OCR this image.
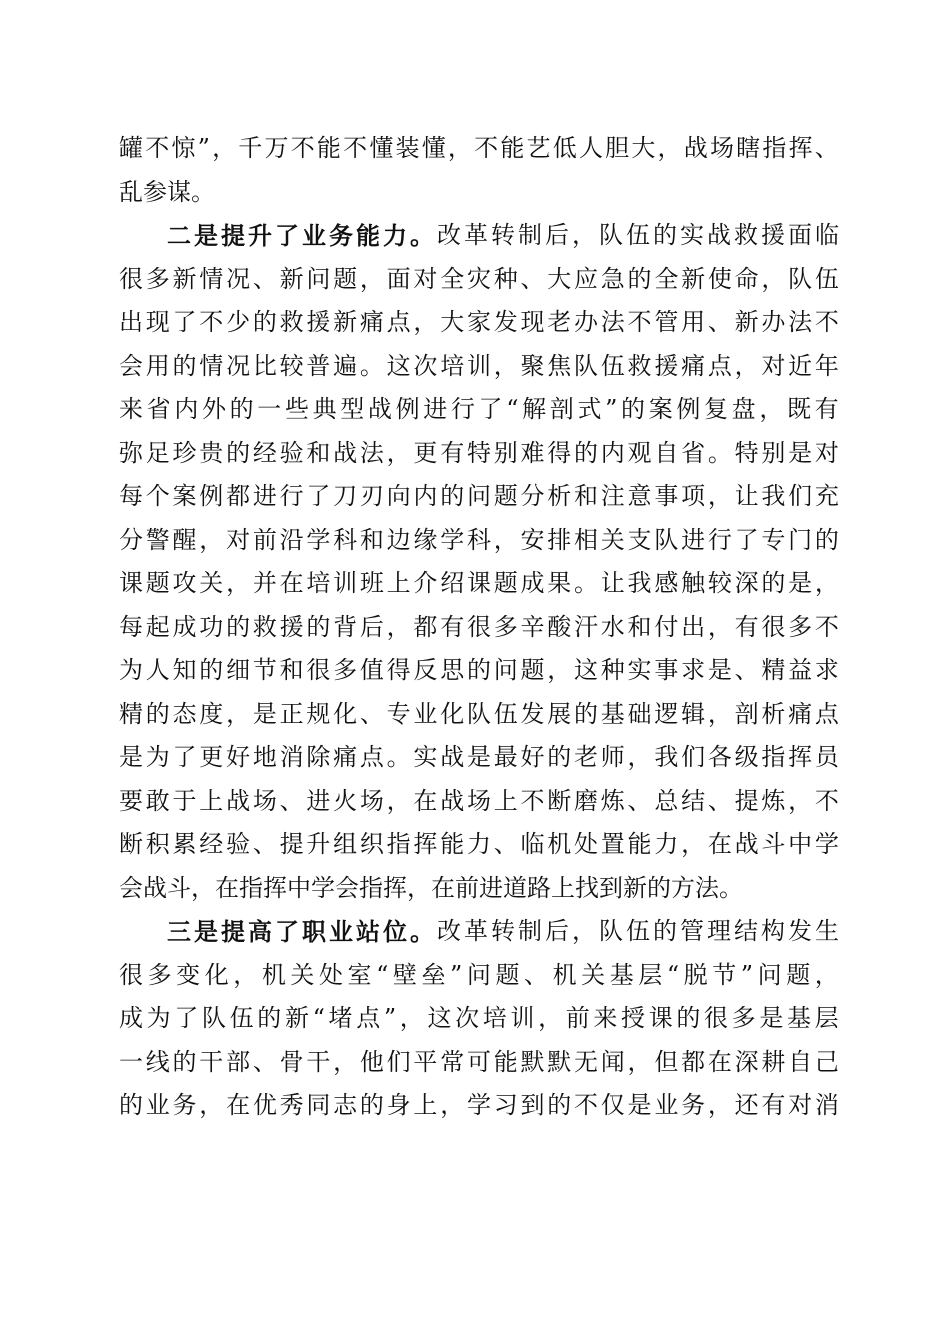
罐 不 惊 ” ， 千 万 不 能 不 懂 装 懂 ， 不 能 艺 低 人 胆 大 ， 战 场 瞎 指 挥 、
乱 参 谋 。
二 是 提 升 了 业 务 能 力 。 改 革 转 制 后 ， 队 伍 的 实 战 救 援 面 临
很 多 新 情 况 、 新 问 题 ， 面 对 全 灾 种 、 大 应 急 的 全 新 使 命 ， 队 伍
出 现 了 不 少 的 救 援 新 痛 点 ， 大 家 发 现 老 办 法 不 管 用 、 新 办 法 不
会 用 的 情 况 比 较 普 遍 。 这 次 培 训 ， 聚 焦 队 伍 救 援 痛 点 ， 对 近 年
来 省 内 外 的 一 些 典 型 战 例 进 行 了 “ 解 剖 式 ” 的 案 例 复 盘 ， 既 有
弥 足 珍 贵 的 经 验 和 战 法 ， 更 有 特 别 难 得 的 内 观 自 省 。 特 别 是 对
每 个 案 例 都 进 行 了 刀 刃 向 内 的 问 题 分 析 和 注 意 事 项 ， 让 我 们 充
分 警 醒 ， 对 前 沿 学 科 和 边 缘 学 科 ， 安 排 相 关 支 队 进 行 了 专 门 的
课 题 攻 关 ， 并 在 培 训 班 上 介 绍 课 题 成 果 。 让 我 感 触 较 深 的 是 ，
每 起 成 功 的 救 援 的 背 后 ， 都 有 很 多 辛 酸 汗 水 和 付 出 ， 有 很 多 不
为 人 知 的 细 节 和 很 多 值 得 反 思 的 问 题 ， 这 种 实 事 求 是 、 精 益 求
精 的 态 度 ， 是 正 规 化 、 专 业 化 队 伍 发 展 的 基 础 逻 辑 ， 剖 析 痛 点
是 为 了 更 好 地 消 除 痛 点 。 实 战 是 最 好 的 老 师 ， 我 们 各 级 指 挥 员
要 敢 于 上 战 场 、 进 火 场 ， 在 战 场 上 不 断 磨 炼 、 总 结 、 提 炼 ， 不
断 积 累 经 验 、 提 升 组 织 指 挥 能 力 、 临 机 处 置 能 力 ， 在 战 斗 中 学
会 战 斗 ， 在 指 挥 中 学 会 指 挥 ， 在 前 进 道 路 上 找 到 新 的 方 法 。
三 是 提 高 了 职 业 站 位 。 改 革 转 制 后 ， 队 伍 的 管 理 结 构 发 生
很 多 变 化 ， 机 关 处 室 “ 壁 垒 ” 问 题 、 机 关 基 层 “ 脱 节 ” 问 题 ，
成 为 了 队 伍 的 新 “ 堵 点 ” ， 这 次 培 训 ， 前 来 授 课 的 很 多 是 基 层
一 线 的 干 部 、 骨 干 ， 他 们 平 常 可 能 默 默 无 闻 ， 但 都 在 深 耕 自 己
的 业 务 ， 在 优 秀 同 志 的 身 上 ， 学 习 到 的 不 仅 是 业 务 ， 还 有 对 消
